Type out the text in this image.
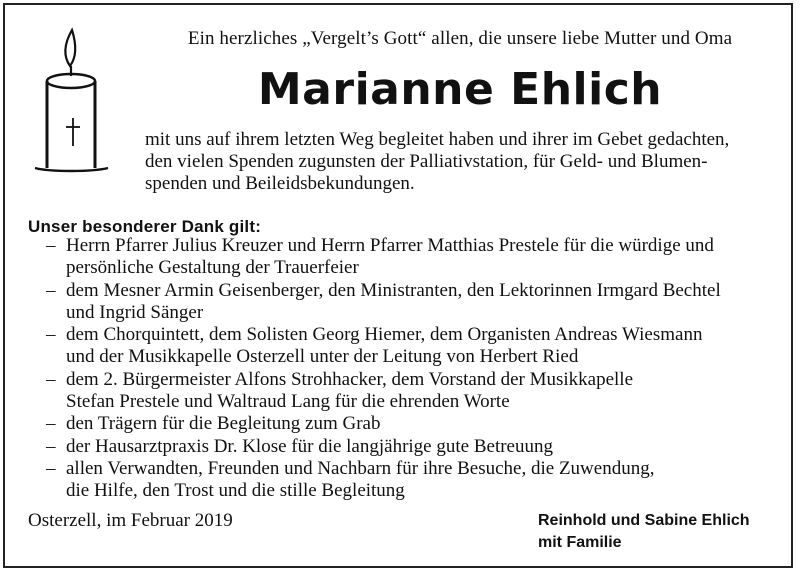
Ein herzliches „Vergelt’s Gott“ allen, die unsere liebe Mutter und Oma
Marianne Ehlich
mit uns auf ihrem letzten Weg begleitet haben und ihrer im Gebet gedachten,
den vielen Spenden zugunsten der Palliativstation, für Geld- und Blumen-
spenden und Beileidsbekundungen.
Unser besonderer Dank gilt:
– Herrn Pfarrer Julius Kreuzer und Herrn Pfarrer Matthias Prestele für die würdige und
persönliche Gestaltung der Trauerfeier
– dem Mesner Armin Geisenberger, den Ministranten, den Lektorinnen Irmgard Bechtel
und Ingrid Sänger
– dem Chorquintett, dem Solisten Georg Hiemer, dem Organisten Andreas Wiesmann
und der Musikkapelle Osterzell unter der Leitung von Herbert Ried
– dem 2. Bürgermeister Alfons Strohhacker, dem Vorstand der Musikkapelle
Stefan Prestele und Waltraud Lang für die ehrenden Worte
– den Trägern für die Begleitung zum Grab
– der Hausarztpraxis Dr. Klose für die langjährige gute Betreuung
– allen Verwandten, Freunden und Nachbarn für ihre Besuche, die Zuwendung,
die Hilfe, den Trost und die stille Begleitung
Osterzell, im Februar 2019	Reinhold und Sabine Ehlich
mit Familie
